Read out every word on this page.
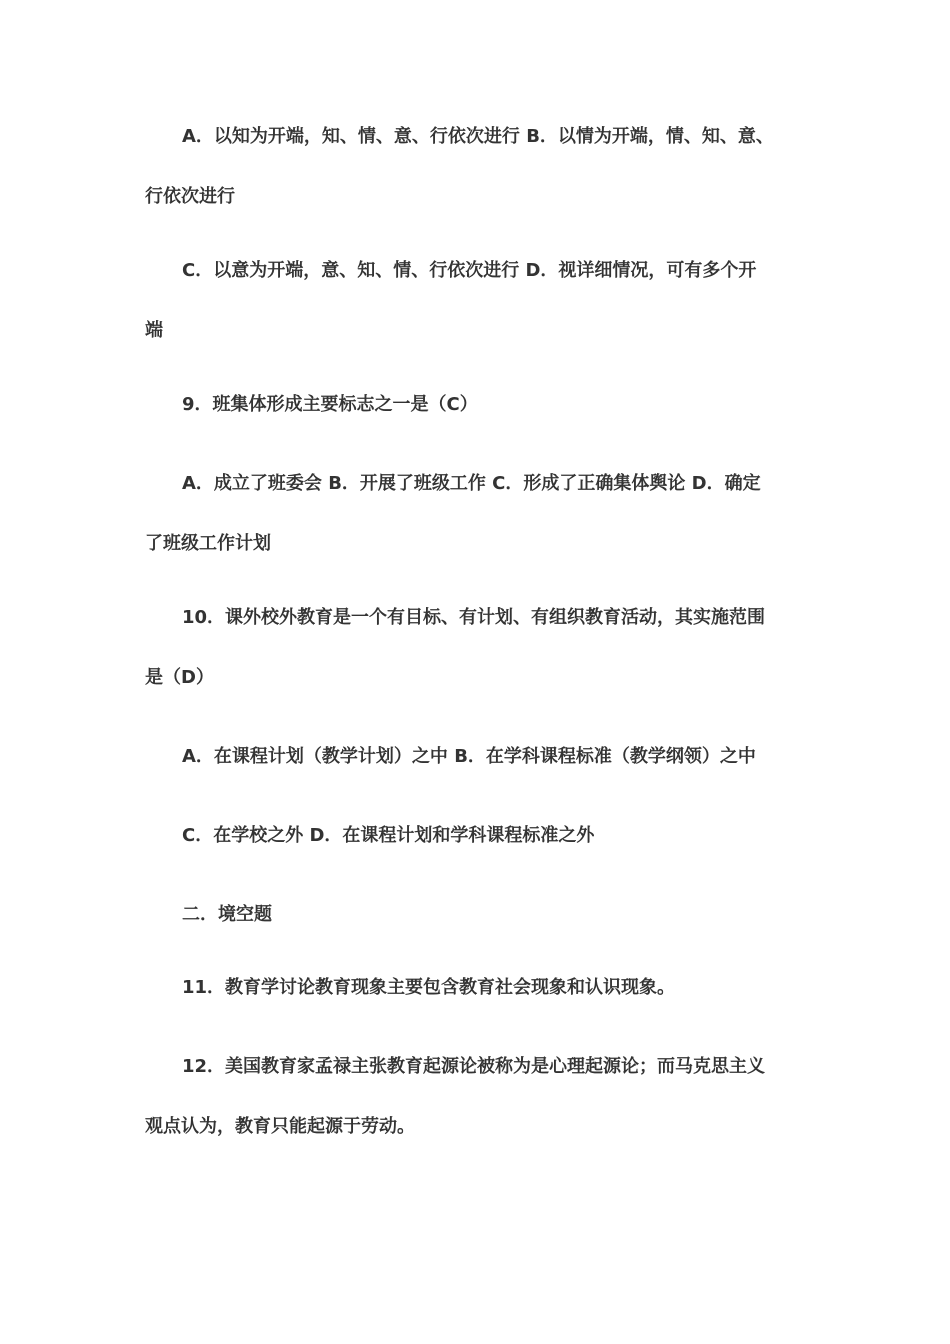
A．以知为开端，知、情、意、行依次进行 B．以情为开端，情、知、意、
行依次进行
C．以意为开端，意、知、情、行依次进行 D．视详细情况，可有多个开
端
9．班集体形成主要标志之一是（C）
A．成立了班委会 B．开展了班级工作 C．形成了正确集体舆论 D．确定
了班级工作计划
10．课外校外教育是一个有目标、有计划、有组织教育活动，其实施范围
是（D）
A．在课程计划（教学计划）之中 B．在学科课程标准（教学纲领）之中
C．在学校之外 D．在课程计划和学科课程标准之外
二．境空题
11．教育学讨论教育现象主要包含教育社会现象和认识现象。
12．美国教育家孟禄主张教育起源论被称为是心理起源论；而马克思主义
观点认为，教育只能起源于劳动。
